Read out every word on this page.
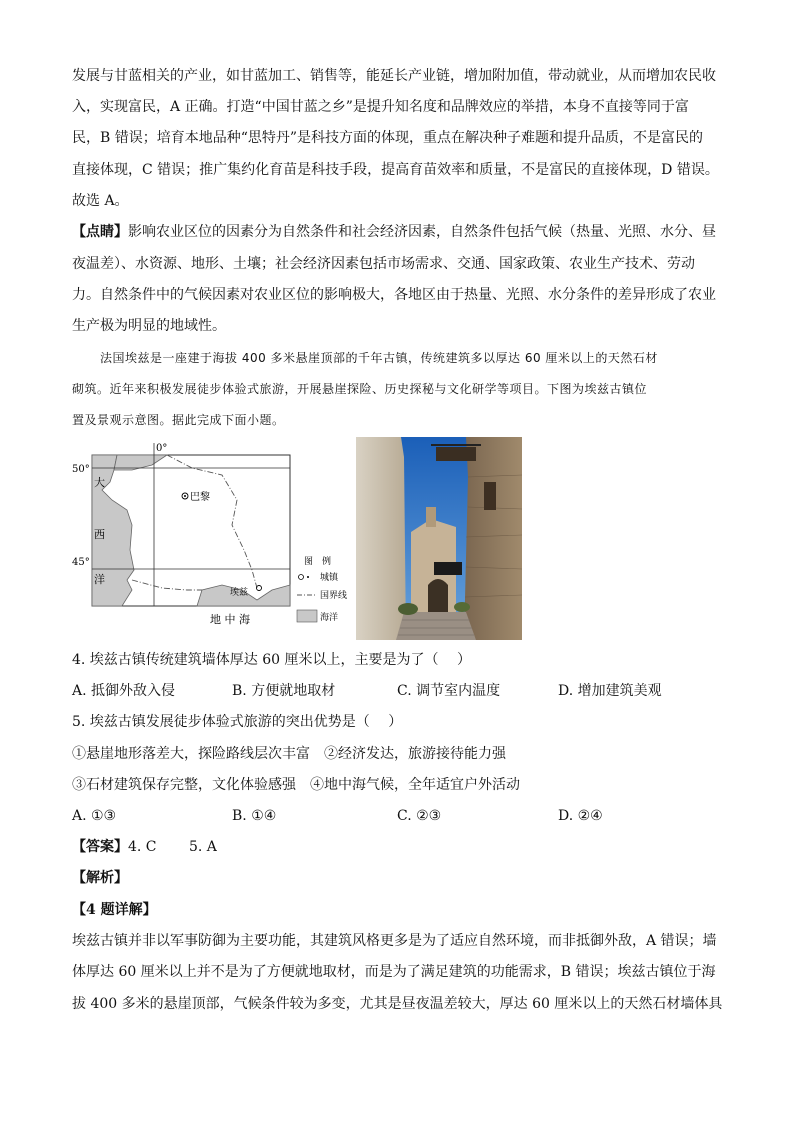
发展与甘蓝相关的产业，如甘蓝加工、销售等，能延长产业链，增加附加值，带动就业，从而增加农民收
入，实现富民，A 正确。打造“中国甘蓝之乡”是提升知名度和品牌效应的举措，本身不直接等同于富
民，B 错误；培育本地品种“思特丹”是科技方面的体现，重点在解决种子难题和提升品质，不是富民的
直接体现，C 错误；推广集约化育苗是科技手段，提高育苗效率和质量，不是富民的直接体现，D 错误。
故选 A。
【点睛】影响农业区位的因素分为自然条件和社会经济因素，自然条件包括气候（热量、光照、水分、昼
夜温差）、水资源、地形、土壤；社会经济因素包括市场需求、交通、国家政策、农业生产技术、劳动
力。自然条件中的气候因素对农业区位的影响极大，各地区由于热量、光照、水分条件的差异形成了农业
生产极为明显的地域性。
法国埃兹是一座建于海拔 400 多米悬崖顶部的千年古镇，传统建筑多以厚达 60 厘米以上的天然石材
砌筑。近年来积极发展徒步体验式旅游，开展悬崖探险、历史探秘与文化研学等项目。下图为埃兹古镇位
置及景观示意图。据此完成下面小题。
0°
50°
45°
大
西
洋
巴黎
埃兹
地 中 海
图　例
城镇
国界线
海洋
4. 埃兹古镇传统建筑墙体厚达 60 厘米以上，主要是为了（　 ）
A. 抵御外敌入侵	B. 方便就地取材	C. 调节室内温度	D. 增加建筑美观
5. 埃兹古镇发展徒步体验式旅游的突出优势是（　 ）
①悬崖地形落差大，探险路线层次丰富　②经济发达，旅游接待能力强
③石材建筑保存完整，文化体验感强　④地中海气候，全年适宜户外活动
A. ①③	B. ①④	C. ②③	D. ②④
【答案】4. C　　 5. A
【解析】
【4 题详解】
埃兹古镇并非以军事防御为主要功能，其建筑风格更多是为了适应自然环境，而非抵御外敌，A 错误；墙
体厚达 60 厘米以上并不是为了方便就地取材，而是为了满足建筑的功能需求，B 错误；埃兹古镇位于海
拔 400 多米的悬崖顶部，气候条件较为多变，尤其是昼夜温差较大，厚达 60 厘米以上的天然石材墙体具
